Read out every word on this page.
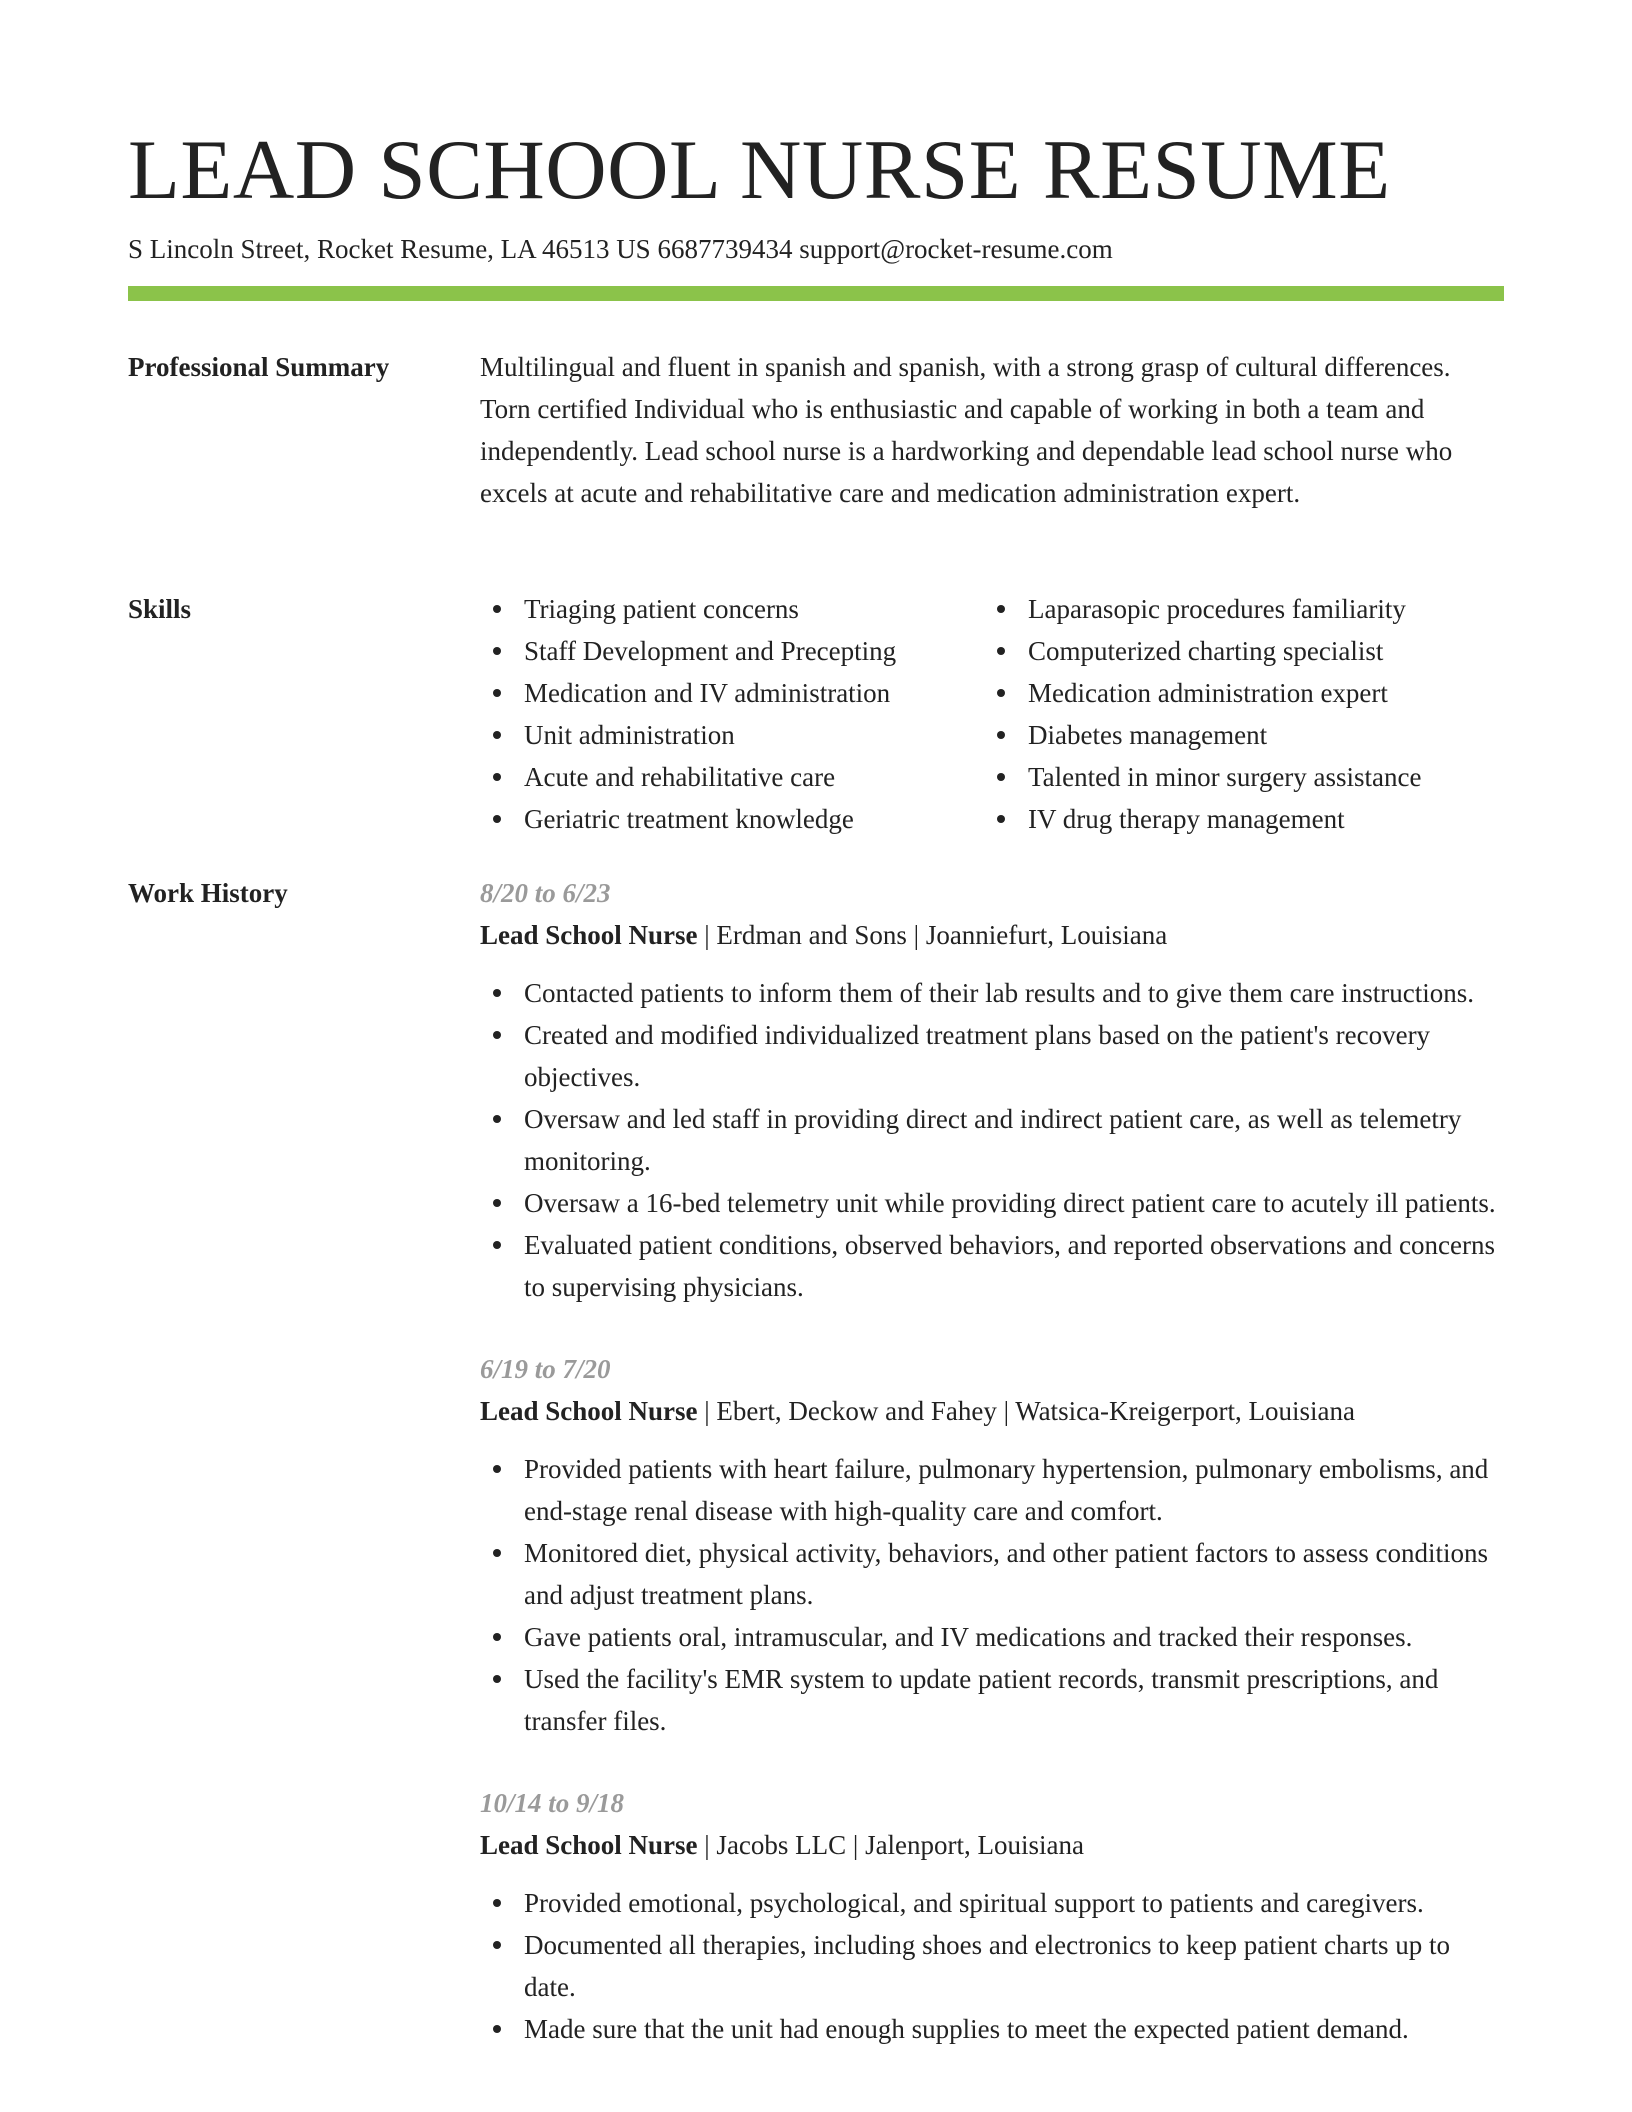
LEAD SCHOOL NURSE RESUME
S Lincoln Street, Rocket Resume, LA 46513 US 6687739434 support@rocket-resume.com
Professional Summary	Multilingual and fluent in spanish and spanish, with a strong grasp of cultural differences. Torn certified Individual who is enthusiastic and capable of working in both a team and independently. Lead school nurse is a hardworking and dependable lead school nurse who excels at acute and rehabilitative care and medication administration expert.

Skills	Triaging patient concerns
Staff Development and Precepting
Medication and IV administration
Unit administration
Acute and rehabilitative care
Geriatric treatment knowledge
Laparasopic procedures familiarity
Computerized charting specialist
Medication administration expert
Diabetes management
Talented in minor surgery assistance
IV drug therapy management
Work History	8/20 to 6/23
Lead School Nurse | Erdman and Sons | Joanniefurt, Louisiana
Contacted patients to inform them of their lab results and to give them care instructions.
Created and modified individualized treatment plans based on the patient's recovery objectives.
Oversaw and led staff in providing direct and indirect patient care, as well as telemetry monitoring.
Oversaw a 16-bed telemetry unit while providing direct patient care to acutely ill patients.
Evaluated patient conditions, observed behaviors, and reported observations and concerns to supervising physicians.
6/19 to 7/20
Lead School Nurse | Ebert, Deckow and Fahey | Watsica-Kreigerport, Louisiana
Provided patients with heart failure, pulmonary hypertension, pulmonary embolisms, and end-stage renal disease with high-quality care and comfort.
Monitored diet, physical activity, behaviors, and other patient factors to assess conditions and adjust treatment plans.
Gave patients oral, intramuscular, and IV medications and tracked their responses.
Used the facility's EMR system to update patient records, transmit prescriptions, and transfer files.
10/14 to 9/18
Lead School Nurse | Jacobs LLC | Jalenport, Louisiana
Provided emotional, psychological, and spiritual support to patients and caregivers.
Documented all therapies, including shoes and electronics to keep patient charts up to date.
Made sure that the unit had enough supplies to meet the expected patient demand.
